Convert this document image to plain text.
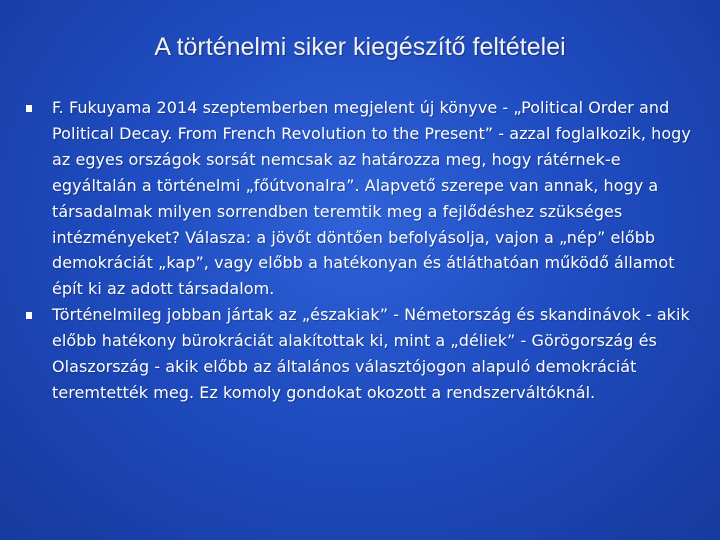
A történelmi siker kiegészítő feltételei
F. Fukuyama 2014 szeptemberben megjelent új könyve - „Political Order and Political Decay. From French Revolution to the Present” - azzal foglalkozik, hogy az egyes országok sorsát nemcsak az határozza meg, hogy rátérnek-e egyáltalán a történelmi „főútvonalra”. Alapvető szerepe van annak, hogy a társadalmak milyen sorrendben teremtik meg a fejlődéshez szükséges intézményeket? Válasza: a jövőt döntően befolyásolja, vajon a „nép” előbb demokráciát „kap”, vagy előbb a hatékonyan és átláthatóan működő államot épít ki az adott társadalom.
Történelmileg jobban jártak az „északiak” - Németország és skandinávok - akik előbb hatékony bürokráciát alakítottak ki, mint a „déliek” - Görögország és Olaszország - akik előbb az általános választójogon alapuló demokráciát teremtették meg. Ez komoly gondokat okozott a rendszerváltóknál.
